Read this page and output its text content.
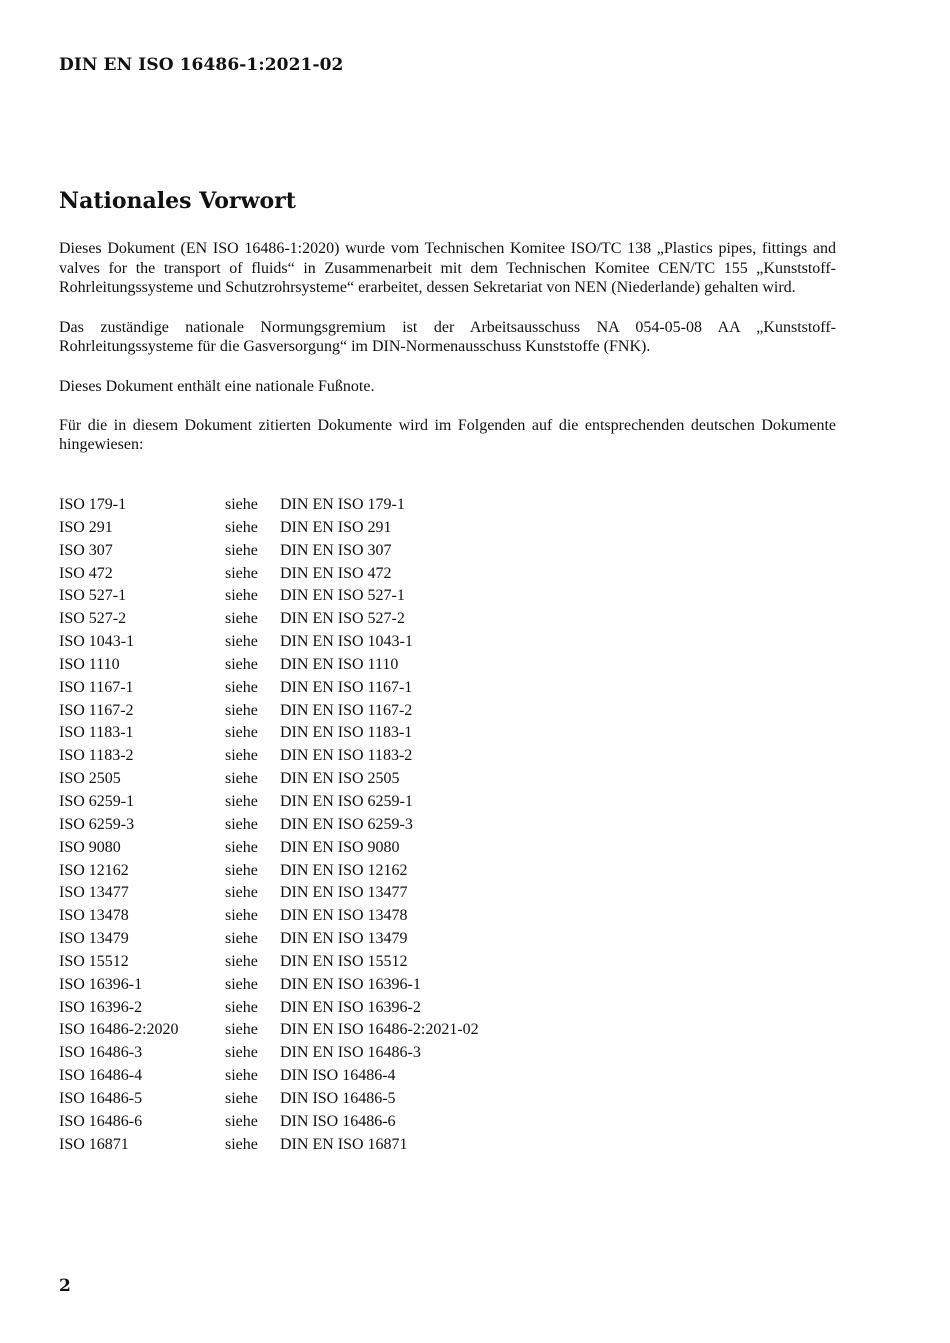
DIN EN ISO 16486-1:2021-02
Nationales Vorwort

Dieses Dokument (EN ISO 16486-1:2020) wurde vom Technischen Komitee ISO/TC 138 „Plastics pipes, fittings and valves for the transport of fluids“ in Zusammenarbeit mit dem Technischen Komitee CEN/TC 155 „Kunststoff-Rohrleitungssysteme und Schutzrohrsysteme“ erarbeitet, dessen Sekretariat von NEN (Niederlande) gehalten wird.

Das zuständige nationale Normungsgremium ist der Arbeitsausschuss NA 054-05-08 AA „Kunststoff-Rohrleitungssysteme für die Gasversorgung“ im DIN-Normenausschuss Kunststoffe (FNK).

Dieses Dokument enthält eine nationale Fußnote.

Für die in diesem Dokument zitierten Dokumente wird im Folgenden auf die entsprechenden deutschen Dokumente hingewiesen:

ISO 179-1	siehe	DIN EN ISO 179-1
ISO 291	siehe	DIN EN ISO 291
ISO 307	siehe	DIN EN ISO 307
ISO 472	siehe	DIN EN ISO 472
ISO 527-1	siehe	DIN EN ISO 527-1
ISO 527-2	siehe	DIN EN ISO 527-2
ISO 1043-1	siehe	DIN EN ISO 1043-1
ISO 1110	siehe	DIN EN ISO 1110
ISO 1167-1	siehe	DIN EN ISO 1167-1
ISO 1167-2	siehe	DIN EN ISO 1167-2
ISO 1183-1	siehe	DIN EN ISO 1183-1
ISO 1183-2	siehe	DIN EN ISO 1183-2
ISO 2505	siehe	DIN EN ISO 2505
ISO 6259-1	siehe	DIN EN ISO 6259-1
ISO 6259-3	siehe	DIN EN ISO 6259-3
ISO 9080	siehe	DIN EN ISO 9080
ISO 12162	siehe	DIN EN ISO 12162
ISO 13477	siehe	DIN EN ISO 13477
ISO 13478	siehe	DIN EN ISO 13478
ISO 13479	siehe	DIN EN ISO 13479
ISO 15512	siehe	DIN EN ISO 15512
ISO 16396-1	siehe	DIN EN ISO 16396-1
ISO 16396-2	siehe	DIN EN ISO 16396-2
ISO 16486-2:2020	siehe	DIN EN ISO 16486-2:2021-02
ISO 16486-3	siehe	DIN EN ISO 16486-3
ISO 16486-4	siehe	DIN ISO 16486-4
ISO 16486-5	siehe	DIN ISO 16486-5
ISO 16486-6	siehe	DIN ISO 16486-6
ISO 16871	siehe	DIN EN ISO 16871
2
